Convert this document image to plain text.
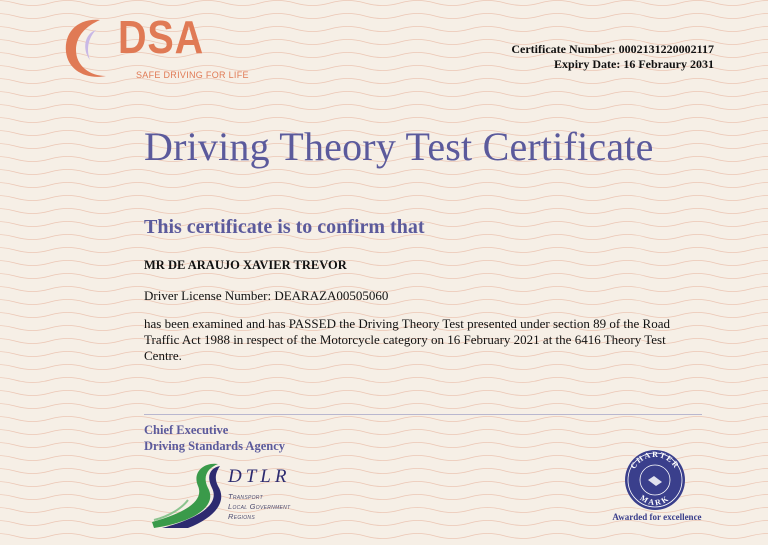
DSA
SAFE DRIVING FOR LIFE
Certificate Number: 0002131220002117
Expiry Date: 16 Febraury 2031
Driving Theory Test Certificate
This certificate is to confirm that
MR DE ARAUJO XAVIER TREVOR
Driver License Number: DEARAZA00505060
has been examined and has PASSED the Driving Theory Test presented under section 89 of the Road Traffic Act 1988 in respect of the Motorcycle category on 16 February 2021 at the 6416 Theory Test Centre.
Chief Executive
Driving Standards Agency
DTLR
Transport
Local Government
Regions
CHARTER
MARK
Awarded for excellence
